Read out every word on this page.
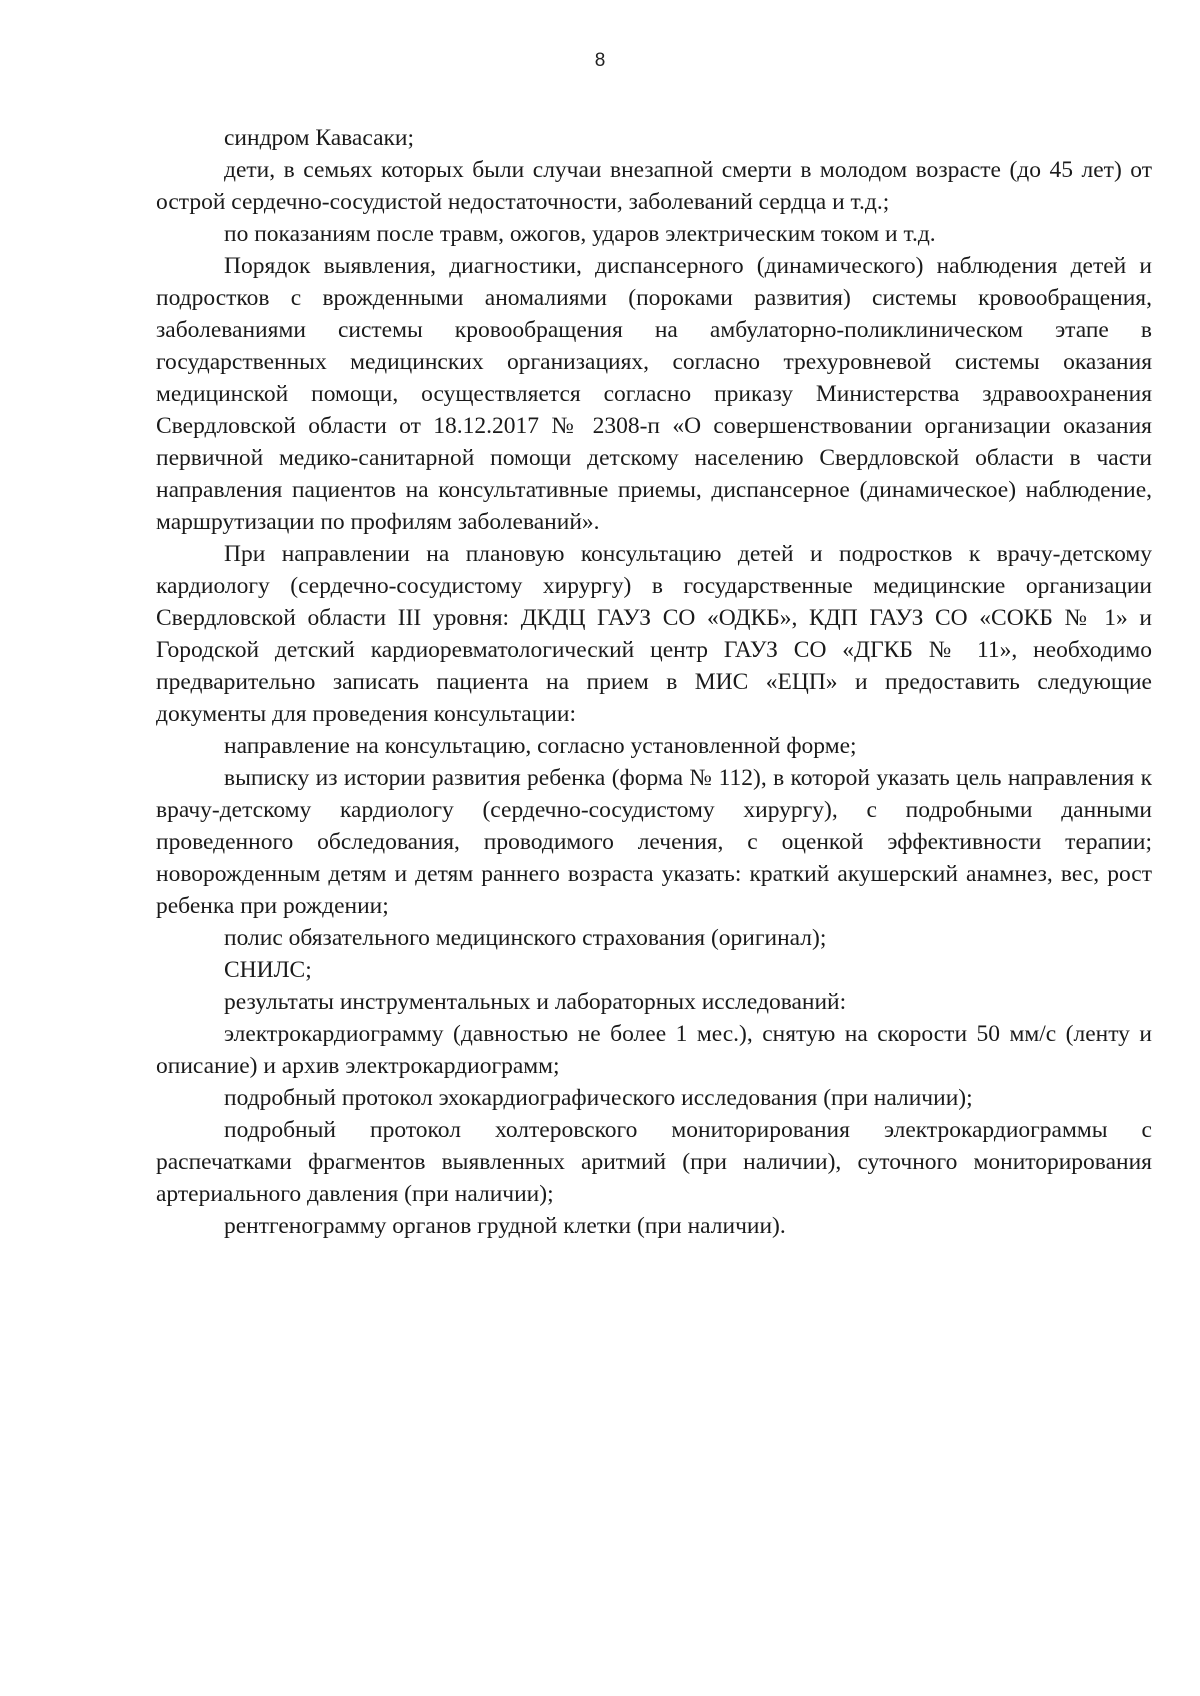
8

синдром Кавасаки;

дети, в семьях которых были случаи внезапной смерти в молодом возрасте (до 45 лет) от острой сердечно-сосудистой недостаточности, заболеваний сердца и т.д.;

по показаниям после травм, ожогов, ударов электрическим током и т.д.

Порядок выявления, диагностики, диспансерного (динамического) наблюдения детей и подростков с врожденными аномалиями (пороками развития) системы кровообращения, заболеваниями системы кровообращения на амбулаторно-поликлиническом этапе в государственных медицинских организациях, согласно трехуровневой системы оказания медицинской помощи, осуществляется согласно приказу Министерства здравоохранения Свердловской области от 18.12.2017 № 2308-п «О совершенствовании организации оказания первичной медико-санитарной помощи детскому населению Свердловской области в части направления пациентов на консультативные приемы, диспансерное (динамическое) наблюдение, маршрутизации по профилям заболеваний».

При направлении на плановую консультацию детей и подростков к врачу-детскому кардиологу (сердечно-сосудистому хирургу) в государственные медицинские организации Свердловской области III уровня: ДКДЦ ГАУЗ СО «ОДКБ», КДП ГАУЗ СО «СОКБ № 1» и Городской детский кардиоревматологический центр ГАУЗ СО «ДГКБ № 11», необходимо предварительно записать пациента на прием в МИС «ЕЦП» и предоставить следующие документы для проведения консультации:

направление на консультацию, согласно установленной форме;

выписку из истории развития ребенка (форма № 112), в которой указать цель направления к врачу-детскому кардиологу (сердечно-сосудистому хирургу), с подробными данными проведенного обследования, проводимого лечения, с оценкой эффективности терапии; новорожденным детям и детям раннего возраста указать: краткий акушерский анамнез, вес, рост ребенка при рождении;

полис обязательного медицинского страхования (оригинал);

СНИЛС;

результаты инструментальных и лабораторных исследований:

электрокардиограмму (давностью не более 1 мес.), снятую на скорости 50 мм/с (ленту и описание) и архив электрокардиограмм;

подробный протокол эхокардиографического исследования (при наличии);

подробный протокол холтеровского мониторирования электрокардиограммы с распечатками фрагментов выявленных аритмий (при наличии), суточного мониторирования артериального давления (при наличии);

рентгенограмму органов грудной клетки (при наличии).
